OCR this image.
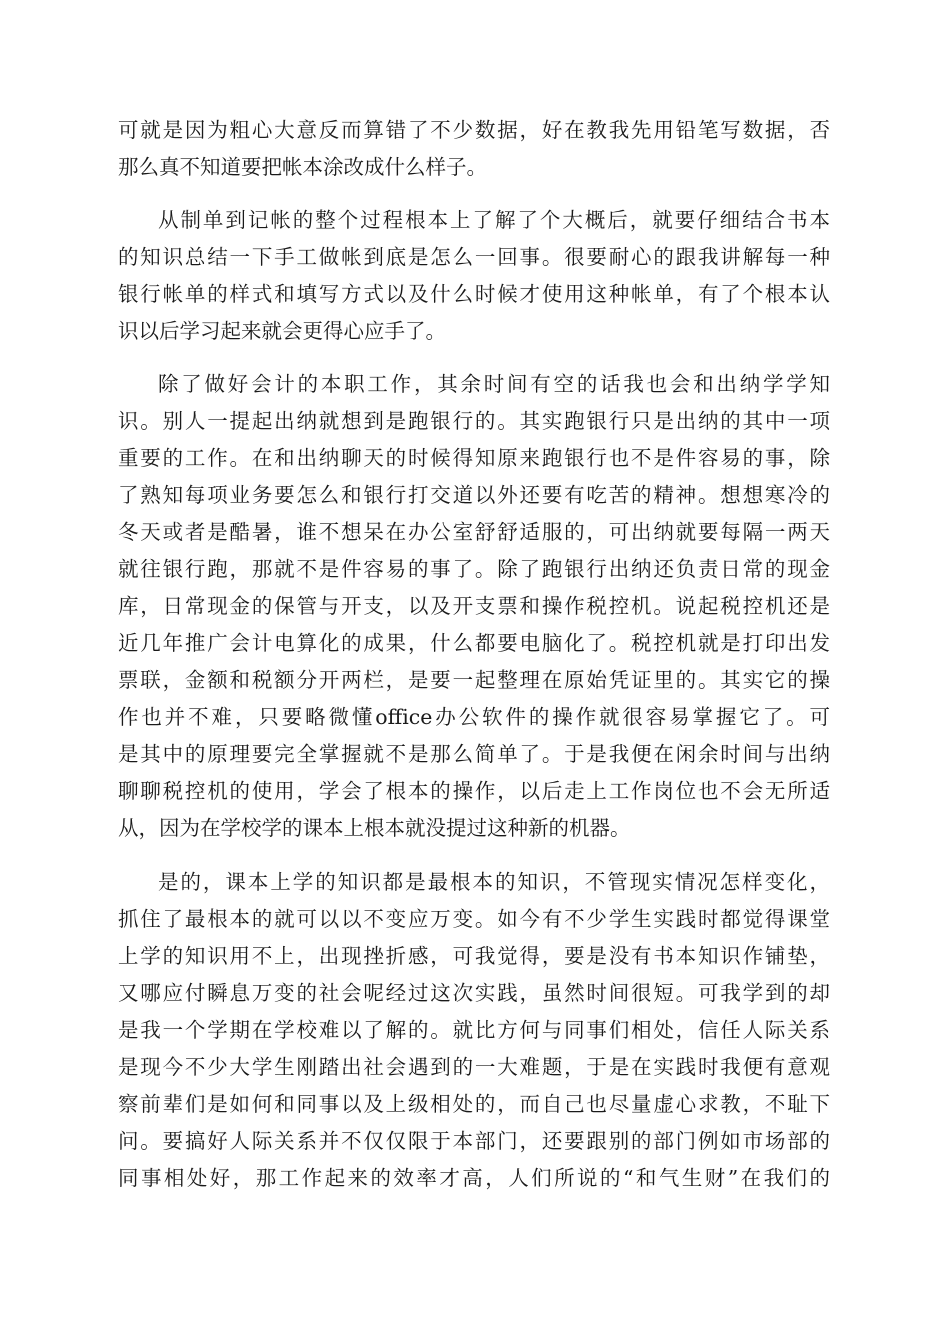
可就是因为粗心大意反而算错了不少数据，好在教我先用铅笔写数据，否
那么真不知道要把帐本涂改成什么样子。
从制单到记帐的整个过程根本上了解了个大概后，就要仔细结合书本
的知识总结一下手工做帐到底是怎么一回事。很要耐心的跟我讲解每一种
银行帐单的样式和填写方式以及什么时候才使用这种帐单，有了个根本认
识以后学习起来就会更得心应手了。
除了做好会计的本职工作，其余时间有空的话我也会和出纳学学知
识。别人一提起出纳就想到是跑银行的。其实跑银行只是出纳的其中一项
重要的工作。在和出纳聊天的时候得知原来跑银行也不是件容易的事，除
了熟知每项业务要怎么和银行打交道以外还要有吃苦的精神。想想寒冷的
冬天或者是酷暑，谁不想呆在办公室舒舒适服的，可出纳就要每隔一两天
就往银行跑，那就不是件容易的事了。除了跑银行出纳还负责日常的现金
库，日常现金的保管与开支，以及开支票和操作税控机。说起税控机还是
近几年推广会计电算化的成果，什么都要电脑化了。税控机就是打印出发
票联，金额和税额分开两栏，是要一起整理在原始凭证里的。其实它的操
作也并不难，只要略微懂office办公软件的操作就很容易掌握它了。可
是其中的原理要完全掌握就不是那么简单了。于是我便在闲余时间与出纳
聊聊税控机的使用，学会了根本的操作，以后走上工作岗位也不会无所适
从，因为在学校学的课本上根本就没提过这种新的机器。
是的，课本上学的知识都是最根本的知识，不管现实情况怎样变化，
抓住了最根本的就可以以不变应万变。如今有不少学生实践时都觉得课堂
上学的知识用不上，出现挫折感，可我觉得，要是没有书本知识作铺垫，
又哪应付瞬息万变的社会呢经过这次实践，虽然时间很短。可我学到的却
是我一个学期在学校难以了解的。就比方何与同事们相处，信任人际关系
是现今不少大学生刚踏出社会遇到的一大难题，于是在实践时我便有意观
察前辈们是如何和同事以及上级相处的，而自己也尽量虚心求教，不耻下
问。要搞好人际关系并不仅仅限于本部门，还要跟别的部门例如市场部的
同事相处好，那工作起来的效率才高，人们所说的“和气生财”在我们的
